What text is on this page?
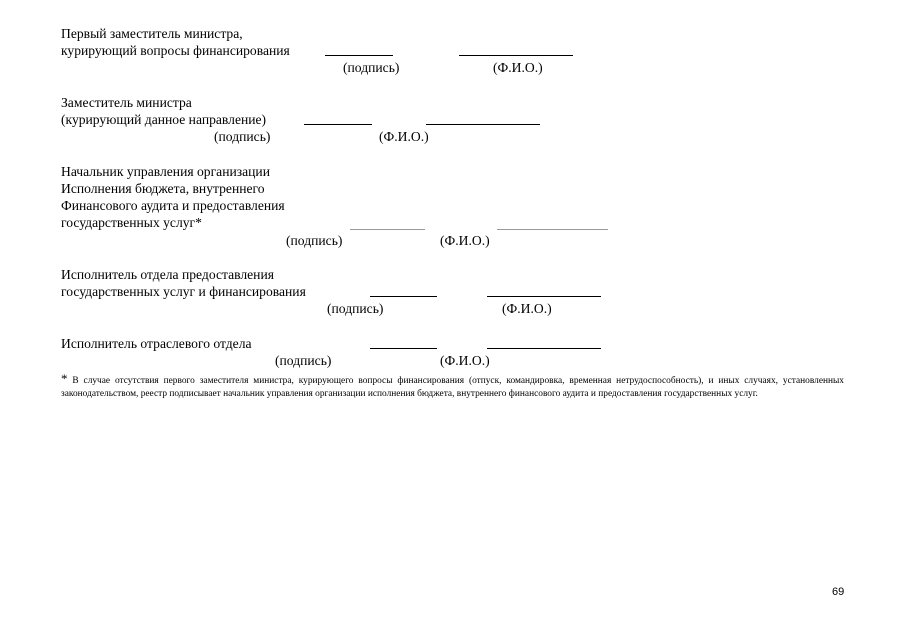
Первый заместитель министра,
курирующий вопросы финансирования
(подпись)	(Ф.И.О.)
Заместитель министра
(курирующий данное направление)
(подпись)	(Ф.И.О.)
Начальник управления организации
Исполнения бюджета, внутреннего
Финансового аудита и предоставления
государственных услуг*
(подпись)	(Ф.И.О.)
Исполнитель отдела предоставления
государственных услуг и финансирования
(подпись)	(Ф.И.О.)
Исполнитель отраслевого отдела
(подпись)	(Ф.И.О.)
* В случае отсутствия первого заместителя министра, курирующего вопросы финансирования (отпуск, командировка, временная нетрудоспособность), и иных случаях, установленных законодательством, реестр подписывает начальник управления организации исполнения бюджета, внутреннего финансового аудита и предоставления государственных услуг.
69
